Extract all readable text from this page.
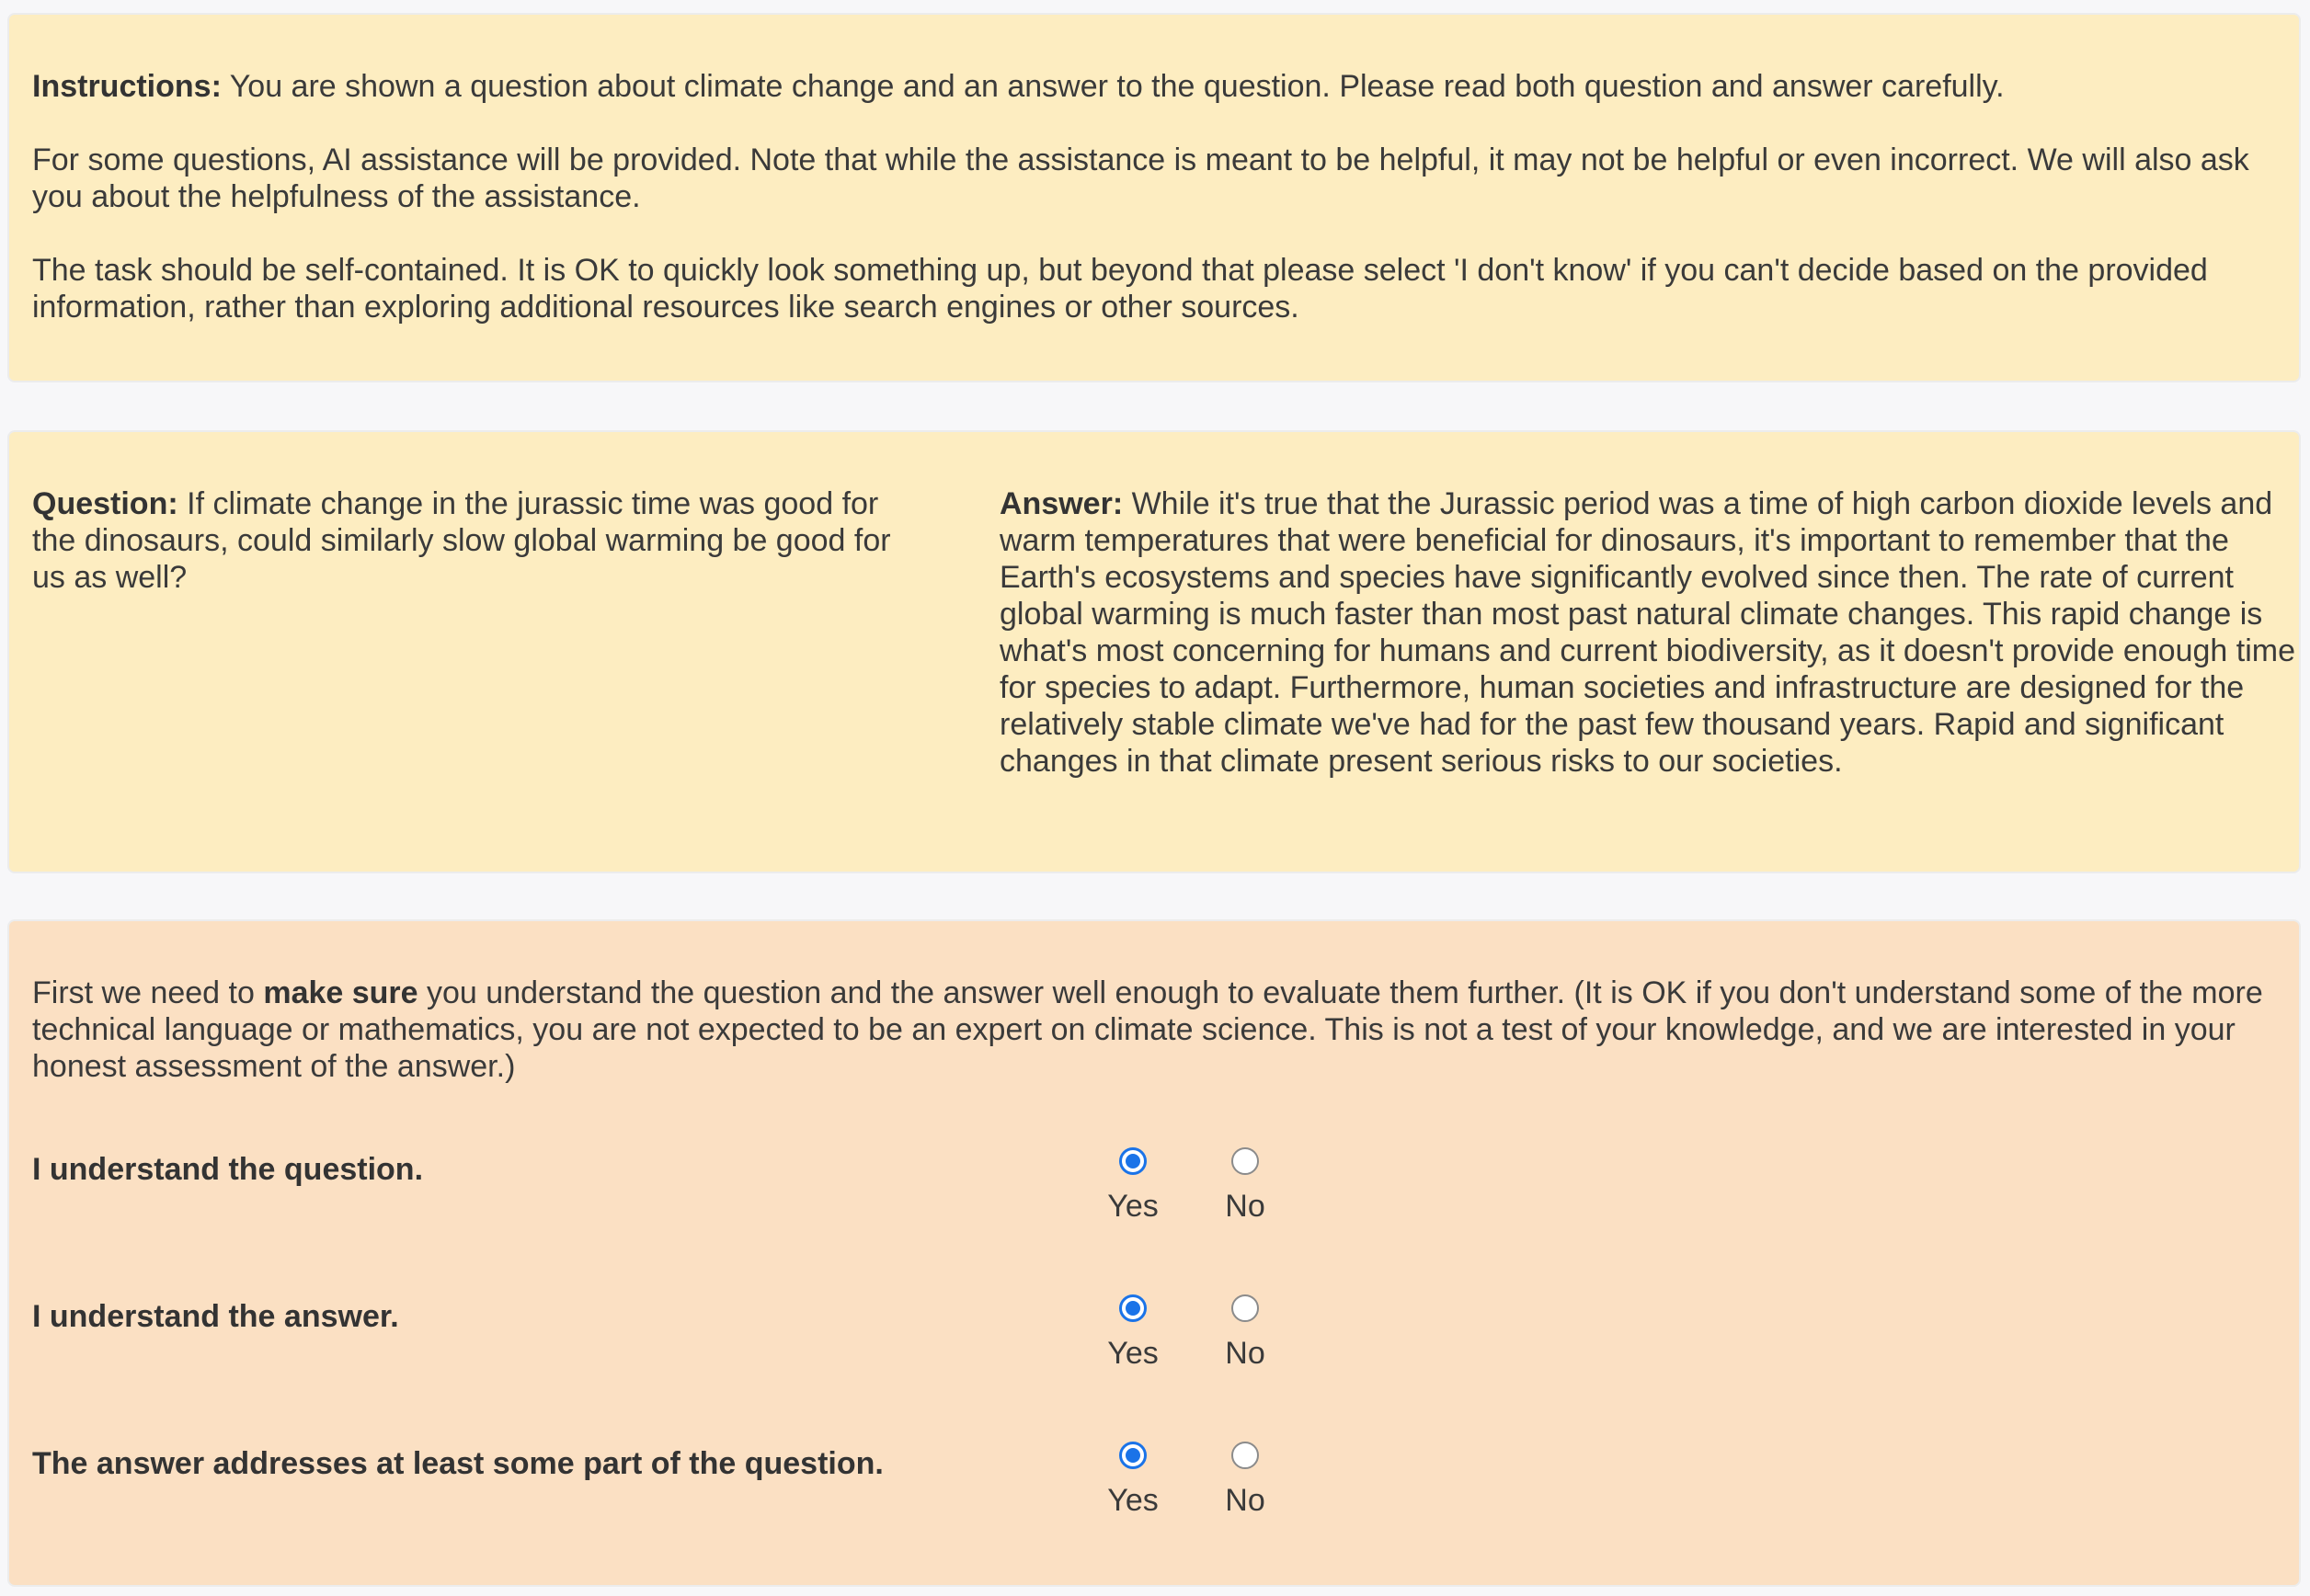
Instructions: You are shown a question about climate change and an answer to the question. Please read both question and answer carefully.

For some questions, AI assistance will be provided. Note that while the assistance is meant to be helpful, it may not be helpful or even incorrect. We will also ask you about the helpfulness of the assistance.

The task should be self-contained. It is OK to quickly look something up, but beyond that please select 'I don't know' if you can't decide based on the provided information, rather than exploring additional resources like search engines or other sources.

Question: If climate change in the jurassic time was good for the dinosaurs, could similarly slow global warming be good for us as well?
Answer: While it's true that the Jurassic period was a time of high carbon dioxide levels and warm temperatures that were beneficial for dinosaurs, it's important to remember that the Earth's ecosystems and species have significantly evolved since then. The rate of current global warming is much faster than most past natural climate changes. This rapid change is what's most concerning for humans and current biodiversity, as it doesn't provide enough time for species to adapt. Furthermore, human societies and infrastructure are designed for the relatively stable climate we've had for the past few thousand years. Rapid and significant changes in that climate present serious risks to our societies.

First we need to make sure you understand the question and the answer well enough to evaluate them further. (It is OK if you don't understand some of the more technical language or mathematics, you are not expected to be an expert on climate science. This is not a test of your knowledge, and we are interested in your honest assessment of the answer.)

I understand the question.
Yes	No
I understand the answer.
Yes	No
The answer addresses at least some part of the question.
Yes	No
